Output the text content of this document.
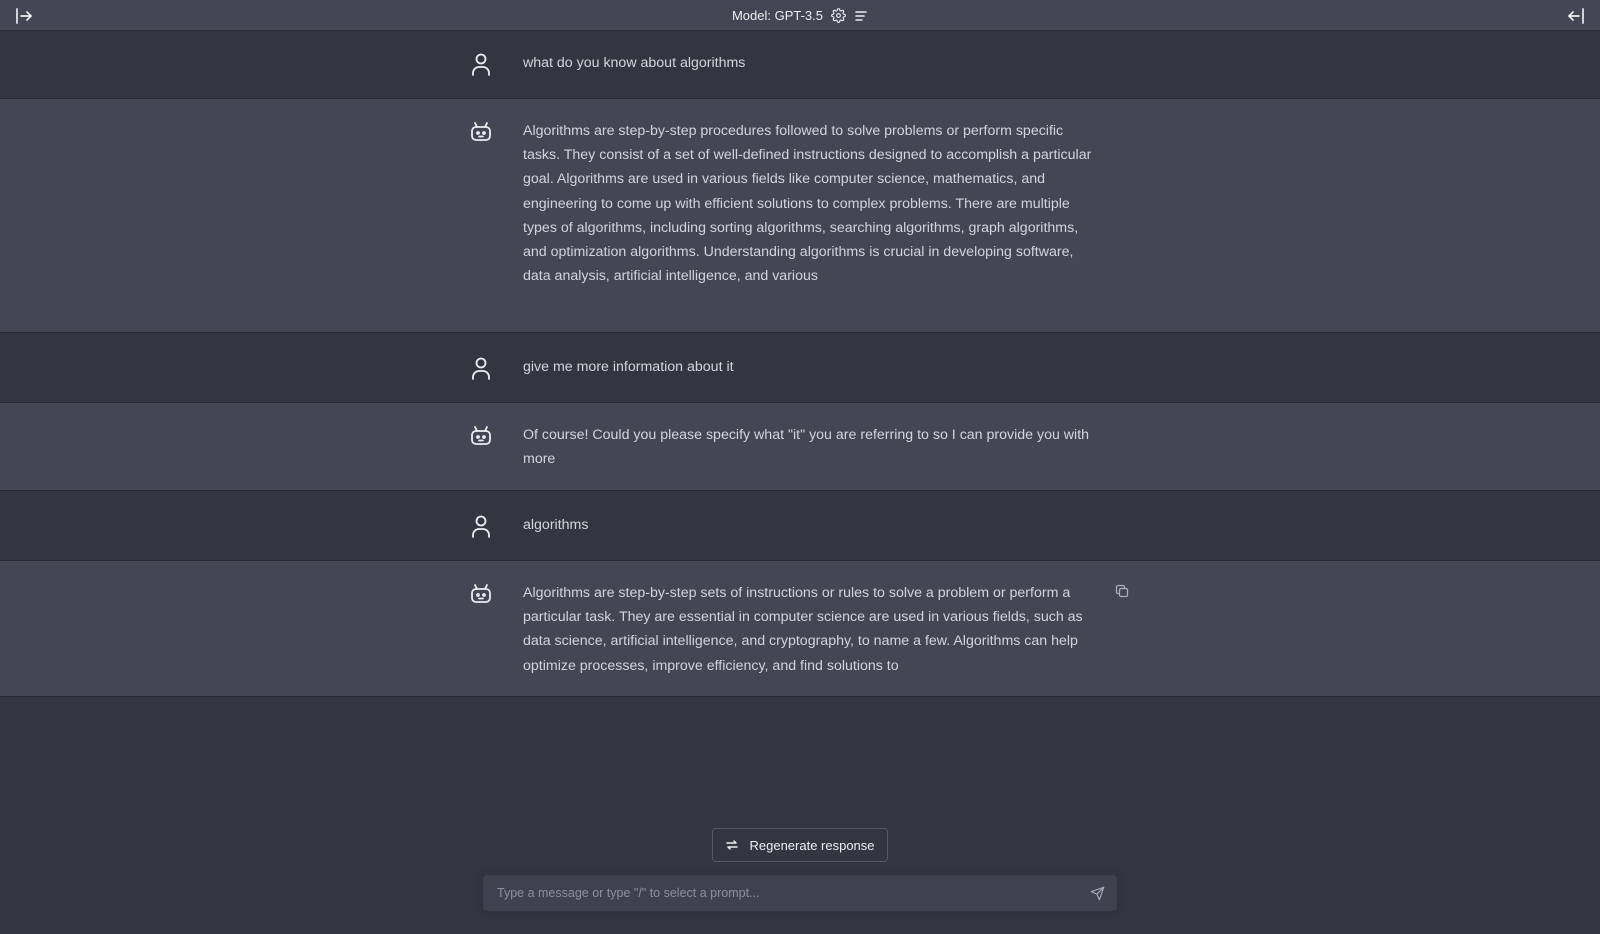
Model: GPT-3.5
what do you know about algorithms
Algorithms are step-by-step procedures followed to solve problems or perform specific tasks. They consist of a set of well-defined instructions designed to accomplish a particular goal. Algorithms are used in various fields like computer science, mathematics, and engineering to come up with efficient solutions to complex problems. There are multiple types of algorithms, including sorting algorithms, searching algorithms, graph algorithms, and optimization algorithms. Understanding algorithms is crucial in developing software, data analysis, artificial intelligence, and various
give me more information about it
Of course! Could you please specify what "it" you are referring to so I can provide you with more
algorithms
Algorithms are step-by-step sets of instructions or rules to solve a problem or perform a particular task. They are essential in computer science are used in various fields, such as data science, artificial intelligence, and cryptography, to name a few. Algorithms can help optimize processes, improve efficiency, and find solutions to
Regenerate response
Type a message or type "/" to select a prompt...
